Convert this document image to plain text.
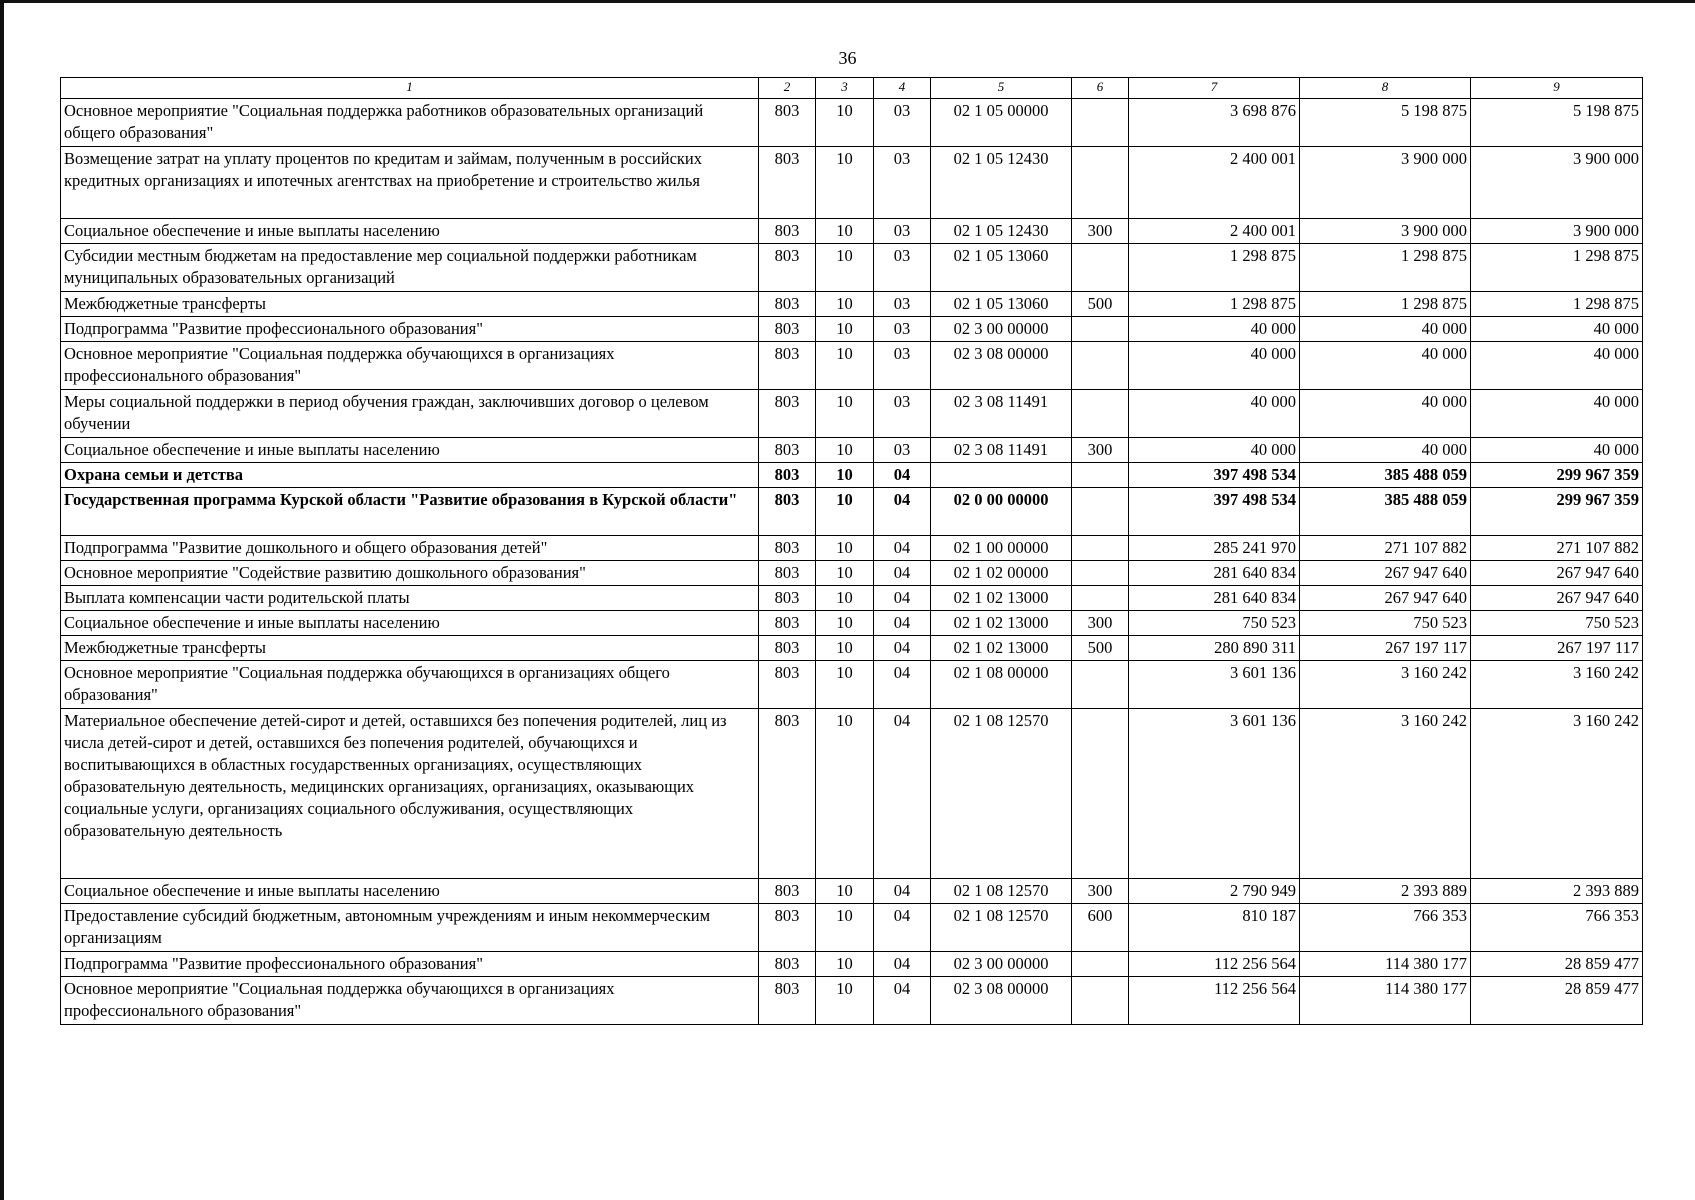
36
1	2	3	4	5	6	7	8	9
Основное мероприятие "Социальная поддержка работников образовательных организаций общего образования"	803	10	03	02 1 05 00000		3 698 876	5 198 875	5 198 875
Возмещение затрат на уплату процентов по кредитам и займам, полученным в российских кредитных организациях и ипотечных агентствах на приобретение и строительство жилья	803	10	03	02 1 05 12430		2 400 001	3 900 000	3 900 000
Социальное обеспечение и иные выплаты населению	803	10	03	02 1 05 12430	300	2 400 001	3 900 000	3 900 000
Субсидии местным бюджетам на предоставление мер социальной поддержки работникам муниципальных образовательных организаций	803	10	03	02 1 05 13060		1 298 875	1 298 875	1 298 875
Межбюджетные трансферты	803	10	03	02 1 05 13060	500	1 298 875	1 298 875	1 298 875
Подпрограмма "Развитие профессионального образования"	803	10	03	02 3 00 00000		40 000	40 000	40 000
Основное мероприятие "Социальная поддержка обучающихся в организациях профессионального образования"	803	10	03	02 3 08 00000		40 000	40 000	40 000
Меры социальной поддержки в период обучения граждан, заключивших договор о целевом обучении	803	10	03	02 3 08 11491		40 000	40 000	40 000
Социальное обеспечение и иные выплаты населению	803	10	03	02 3 08 11491	300	40 000	40 000	40 000
Охрана семьи и детства	803	10	04			397 498 534	385 488 059	299 967 359
Государственная программа Курской области "Развитие образования в Курской области"	803	10	04	02 0 00 00000		397 498 534	385 488 059	299 967 359
Подпрограмма "Развитие дошкольного и общего образования детей"	803	10	04	02 1 00 00000		285 241 970	271 107 882	271 107 882
Основное мероприятие "Содействие развитию дошкольного образования"	803	10	04	02 1 02 00000		281 640 834	267 947 640	267 947 640
Выплата компенсации части родительской платы	803	10	04	02 1 02 13000		281 640 834	267 947 640	267 947 640
Социальное обеспечение и иные выплаты населению	803	10	04	02 1 02 13000	300	750 523	750 523	750 523
Межбюджетные трансферты	803	10	04	02 1 02 13000	500	280 890 311	267 197 117	267 197 117
Основное мероприятие "Социальная поддержка обучающихся в организациях общего образования"	803	10	04	02 1 08 00000		3 601 136	3 160 242	3 160 242
Материальное обеспечение детей-сирот и детей, оставшихся без попечения родителей, лиц из числа детей-сирот и детей, оставшихся без попечения родителей, обучающихся и воспитывающихся в областных государственных организациях, осуществляющих образовательную деятельность, медицинских организациях, организациях, оказывающих социальные услуги, организациях социального обслуживания, осуществляющих образовательную деятельность	803	10	04	02 1 08 12570		3 601 136	3 160 242	3 160 242
Социальное обеспечение и иные выплаты населению	803	10	04	02 1 08 12570	300	2 790 949	2 393 889	2 393 889
Предоставление субсидий бюджетным, автономным учреждениям и иным некоммерческим организациям	803	10	04	02 1 08 12570	600	810 187	766 353	766 353
Подпрограмма "Развитие профессионального образования"	803	10	04	02 3 00 00000		112 256 564	114 380 177	28 859 477
Основное мероприятие "Социальная поддержка обучающихся в организациях профессионального образования"	803	10	04	02 3 08 00000		112 256 564	114 380 177	28 859 477
